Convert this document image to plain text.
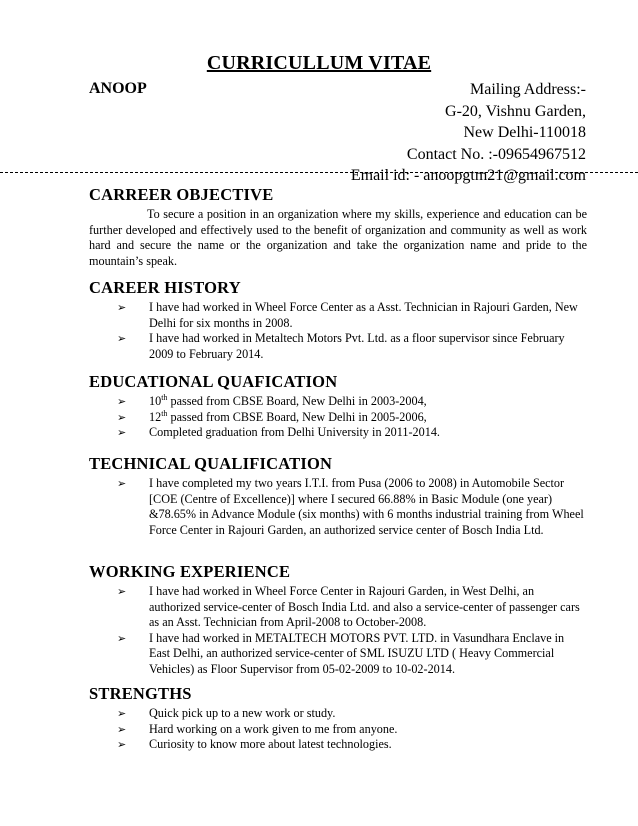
CURRICULLUM VITAE
ANOOP	Mailing Address:-
G-20, Vishnu Garden,
New Delhi-110018
Contact No. :-09654967512
Email id: - anoopgtm21@gmail.com
CARREER OBJECTIVE

To secure a position in an organization where my skills, experience and education can be further developed and effectively used to the benefit of organization and community as well as work hard and secure the name or the organization and take the organization name and pride to the mountain’s speak.

CAREER HISTORY
➢ I have had worked in Wheel Force Center as a Asst. Technician in Rajouri Garden, New Delhi for six months in 2008.
➢ I have had worked in Metaltech Motors Pvt. Ltd. as a floor supervisor since February 2009 to February 2014.
EDUCATIONAL QUAFICATION
➢ 10th passed from CBSE Board, New Delhi in 2003-2004,
➢ 12th passed from CBSE Board, New Delhi in 2005-2006,
➢ Completed graduation from Delhi University in 2011-2014.
TECHNICAL QUALIFICATION
➢ I have completed my two years I.T.I. from Pusa (2006 to 2008) in Automobile Sector [COE (Centre of Excellence)] where I secured 66.88% in Basic Module (one year) &78.65% in Advance Module (six months) with 6 months industrial training from Wheel Force Center in Rajouri Garden, an authorized service center of Bosch India Ltd.
WORKING EXPERIENCE
➢ I have had worked in Wheel Force Center in Rajouri Garden, in West Delhi, an authorized service-center of Bosch India Ltd. and also a service-center of passenger cars as an Asst. Technician from April-2008 to October-2008.
➢ I have had worked in METALTECH MOTORS PVT. LTD. in Vasundhara Enclave in East Delhi, an authorized service-center of SML ISUZU LTD ( Heavy Commercial Vehicles) as Floor Supervisor from 05-02-2009 to 10-02-2014.
STRENGTHS
➢ Quick pick up to a new work or study.
➢ Hard working on a work given to me from anyone.
➢ Curiosity to know more about latest technologies.
